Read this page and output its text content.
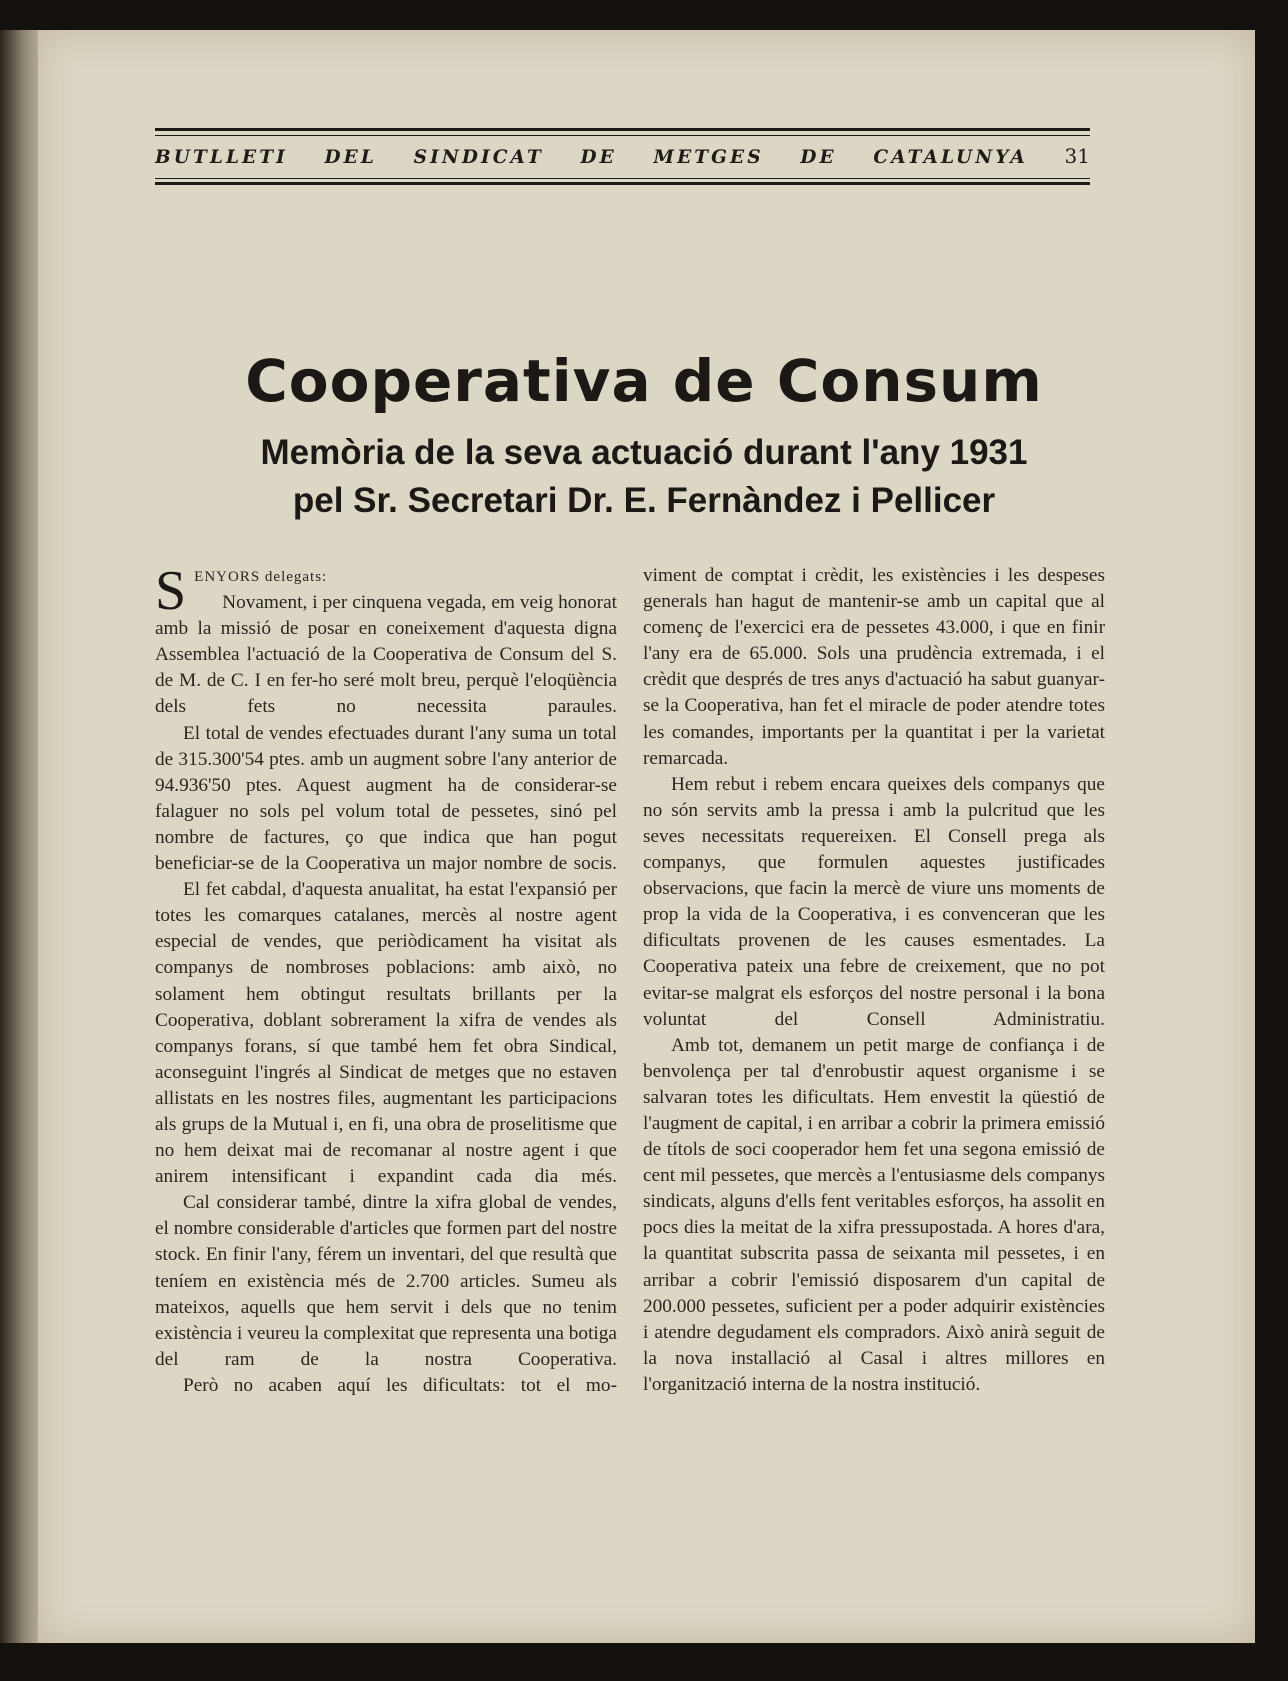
BUTLLETI DEL SINDICAT DE METGES DE CATALUNYA 31
Cooperativa de Consum
Memòria de la seva actuació durant l'any 1931
pel Sr. Secretari Dr. E. Fernàndez i Pellicer

SENYORS delegats:

Novament, i per cinquena vegada, em veig honorat amb la missió de posar en coneixement d'aquesta digna Assemblea l'actuació de la Cooperativa de Consum del S. de M. de C. I en fer-ho seré molt breu, perquè l'eloqüència dels fets no necessita paraules.

El total de vendes efectuades durant l'any suma un total de 315.300'54 ptes. amb un augment sobre l'any anterior de 94.936'50 ptes. Aquest augment ha de considerar-se falaguer no sols pel volum total de pessetes, sinó pel nombre de factures, ço que indica que han pogut beneficiar-se de la Cooperativa un major nombre de socis.

El fet cabdal, d'aquesta anualitat, ha estat l'expansió per totes les comarques catalanes, mercès al nostre agent especial de vendes, que periòdicament ha visitat als companys de nombroses poblacions: amb això, no solament hem obtingut resultats brillants per la Cooperativa, doblant sobrerament la xifra de vendes als companys forans, sí que també hem fet obra Sindical, aconseguint l'ingrés al Sindicat de metges que no estaven allistats en les nostres files, augmentant les participacions als grups de la Mutual i, en fi, una obra de proselitisme que no hem deixat mai de recomanar al nostre agent i que anirem intensificant i expandint cada dia més.

Cal considerar també, dintre la xifra global de vendes, el nombre considerable d'articles que formen part del nostre stock. En finir l'any, férem un inventari, del que resultà que teníem en existència més de 2.700 articles. Sumeu als mateixos, aquells que hem servit i dels que no tenim existència i veureu la complexitat que representa una botiga del ram de la nostra Cooperativa.

Però no acaben aquí les dificultats: tot el mo-

viment de comptat i crèdit, les existències i les despeses generals han hagut de mantenir-se amb un capital que al començ de l'exercici era de pessetes 43.000, i que en finir l'any era de 65.000. Sols una prudència extremada, i el crèdit que després de tres anys d'actuació ha sabut guanyar-se la Cooperativa, han fet el miracle de poder atendre totes les comandes, importants per la quantitat i per la varietat remarcada.

Hem rebut i rebem encara queixes dels companys que no són servits amb la pressa i amb la pulcritud que les seves necessitats requereixen. El Consell prega als companys, que formulen aquestes justificades observacions, que facin la mercè de viure uns moments de prop la vida de la Cooperativa, i es convenceran que les dificultats provenen de les causes esmentades. La Cooperativa pateix una febre de creixement, que no pot evitar-se malgrat els esforços del nostre personal i la bona voluntat del Consell Administratiu.

Amb tot, demanem un petit marge de confiança i de benvolença per tal d'enrobustir aquest organisme i se salvaran totes les dificultats. Hem envestit la qüestió de l'augment de capital, i en arribar a cobrir la primera emissió de títols de soci cooperador hem fet una segona emissió de cent mil pessetes, que mercès a l'entusiasme dels companys sindicats, alguns d'ells fent veritables esforços, ha assolit en pocs dies la meitat de la xifra pressupostada. A hores d'ara, la quantitat subscrita passa de seixanta mil pessetes, i en arribar a cobrir l'emissió disposarem d'un capital de 200.000 pessetes, suficient per a poder adquirir existències i atendre degudament els compradors. Això anirà seguit de la nova installació al Casal i altres millores en l'organització interna de la nostra institució.
